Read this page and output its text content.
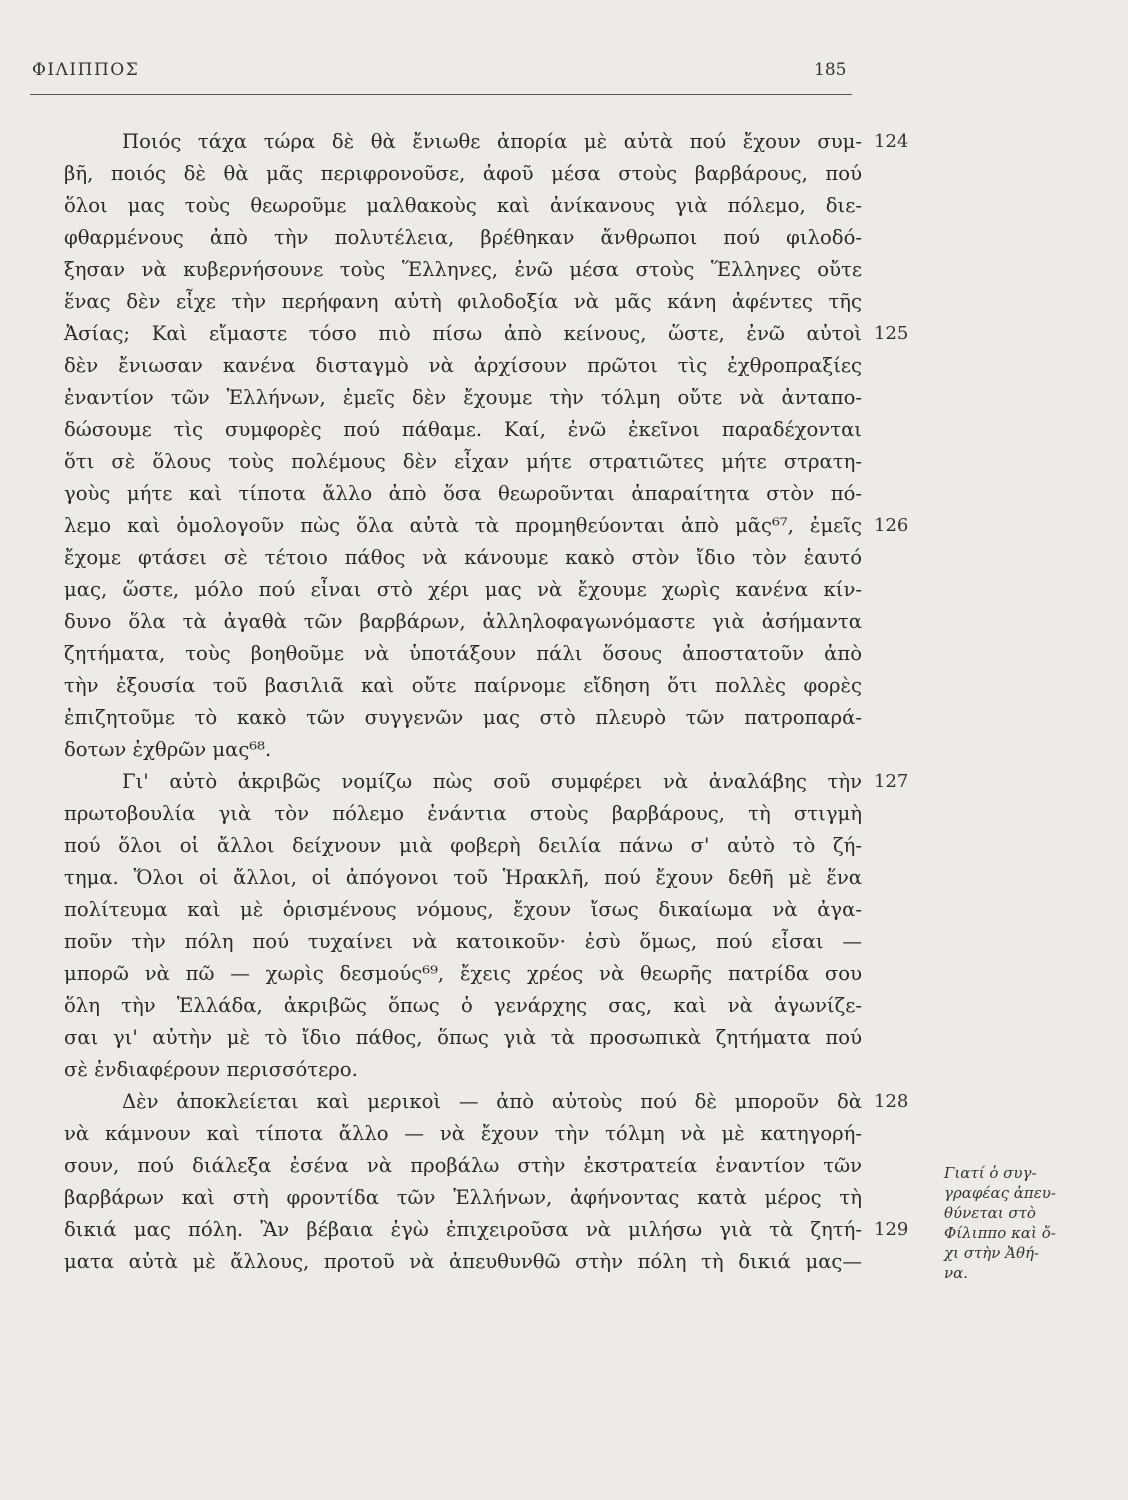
ΦΙΛΙΠΠΟΣ	185
Ποιός τάχα τώρα δὲ θὰ ἔνιωθε ἀπορία μὲ αὐτὰ πού ἔχουν συμ-
βῆ, ποιός δὲ θὰ μᾶς περιφρονοῦσε, ἀφοῦ μέσα στοὺς βαρβάρους, πού
ὅλοι μας τοὺς θεωροῦμε μαλθακοὺς καὶ ἀνίκανους γιὰ πόλεμο, διε-
φθαρμένους ἀπὸ τὴν πολυτέλεια, βρέθηκαν ἄνθρωποι πού φιλοδό-
ξησαν νὰ κυβερνήσουνε τοὺς Ἕλληνες, ἐνῶ μέσα στοὺς Ἕλληνες οὔτε
ἕνας δὲν εἶχε τὴν περήφανη αὐτὴ φιλοδοξία νὰ μᾶς κάνη ἀφέντες τῆς
Ἀσίας; Καὶ εἴμαστε τόσο πιὸ πίσω ἀπὸ κείνους, ὥστε, ἐνῶ αὐτοὶ
δὲν ἔνιωσαν κανένα δισταγμὸ νὰ ἀρχίσουν πρῶτοι τὶς ἐχθροπραξίες
ἐναντίον τῶν Ἑλλήνων, ἐμεῖς δὲν ἔχουμε τὴν τόλμη οὔτε νὰ ἀνταπο-
δώσουμε τὶς συμφορὲς πού πάθαμε. Καί, ἐνῶ ἐκεῖνοι παραδέχονται
ὅτι σὲ ὅλους τοὺς πολέμους δὲν εἶχαν μήτε στρατιῶτες μήτε στρατη-
γοὺς μήτε καὶ τίποτα ἄλλο ἀπὸ ὅσα θεωροῦνται ἀπαραίτητα στὸν πό-
λεμο καὶ ὁμολογοῦν πὼς ὅλα αὐτὰ τὰ προμηθεύονται ἀπὸ μᾶς⁶⁷, ἐμεῖς
ἔχομε φτάσει σὲ τέτοιο πάθος νὰ κάνουμε κακὸ στὸν ἴδιο τὸν ἑαυτό
μας, ὥστε, μόλο πού εἶναι στὸ χέρι μας νὰ ἔχουμε χωρὶς κανένα κίν-
δυνο ὅλα τὰ ἀγαθὰ τῶν βαρβάρων, ἀλληλοφαγωνόμαστε γιὰ ἀσήμαντα
ζητήματα, τοὺς βοηθοῦμε νὰ ὑποτάξουν πάλι ὅσους ἀποστατοῦν ἀπὸ
τὴν ἐξουσία τοῦ βασιλιᾶ καὶ οὔτε παίρνομε εἴδηση ὅτι πολλὲς φορὲς
ἐπιζητοῦμε τὸ κακὸ τῶν συγγενῶν μας στὸ πλευρὸ τῶν πατροπαρά-
δοτων ἐχθρῶν μας⁶⁸.
Γι' αὐτὸ ἀκριβῶς νομίζω πὼς σοῦ συμφέρει νὰ ἀναλάβης τὴν
πρωτοβουλία γιὰ τὸν πόλεμο ἐνάντια στοὺς βαρβάρους, τὴ στιγμὴ
πού ὅλοι οἱ ἄλλοι δείχνουν μιὰ φοβερὴ δειλία πάνω σ' αὐτὸ τὸ ζή-
τημα. Ὅλοι οἱ ἄλλοι, οἱ ἀπόγονοι τοῦ Ἡρακλῆ, πού ἔχουν δεθῆ μὲ ἕνα
πολίτευμα καὶ μὲ ὁρισμένους νόμους, ἔχουν ἴσως δικαίωμα νὰ ἀγα-
ποῦν τὴν πόλη πού τυχαίνει νὰ κατοικοῦν· ἐσὺ ὅμως, πού εἶσαι —
μπορῶ νὰ πῶ — χωρὶς δεσμούς⁶⁹, ἔχεις χρέος νὰ θεωρῆς πατρίδα σου
ὅλη τὴν Ἑλλάδα, ἀκριβῶς ὅπως ὁ γενάρχης σας, καὶ νὰ ἀγωνίζε-
σαι γι' αὐτὴν μὲ τὸ ἴδιο πάθος, ὅπως γιὰ τὰ προσωπικὰ ζητήματα πού
σὲ ἐνδιαφέρουν περισσότερο.
Δὲν ἀποκλείεται καὶ μερικοὶ — ἀπὸ αὐτοὺς πού δὲ μποροῦν δὰ
νὰ κάμνουν καὶ τίποτα ἄλλο — νὰ ἔχουν τὴν τόλμη νὰ μὲ κατηγορή-
σουν, πού διάλεξα ἐσένα νὰ προβάλω στὴν ἐκστρατεία ἐναντίον τῶν
βαρβάρων καὶ στὴ φροντίδα τῶν Ἑλλήνων, ἀφήνοντας κατὰ μέρος τὴ
δικιά μας πόλη. Ἂν βέβαια ἐγὼ ἐπιχειροῦσα νὰ μιλήσω γιὰ τὰ ζητή-
ματα αὐτὰ μὲ ἄλλους, προτοῦ νὰ ἀπευθυνθῶ στὴν πόλη τὴ δικιά μας—
124
125
126
127
128
129
Γιατί ὁ συγ-
γραφέας ἀπευ-
θύνεται στὸ
Φίλιππο καὶ ὄ-
χι στὴν Ἀθή-
να.
